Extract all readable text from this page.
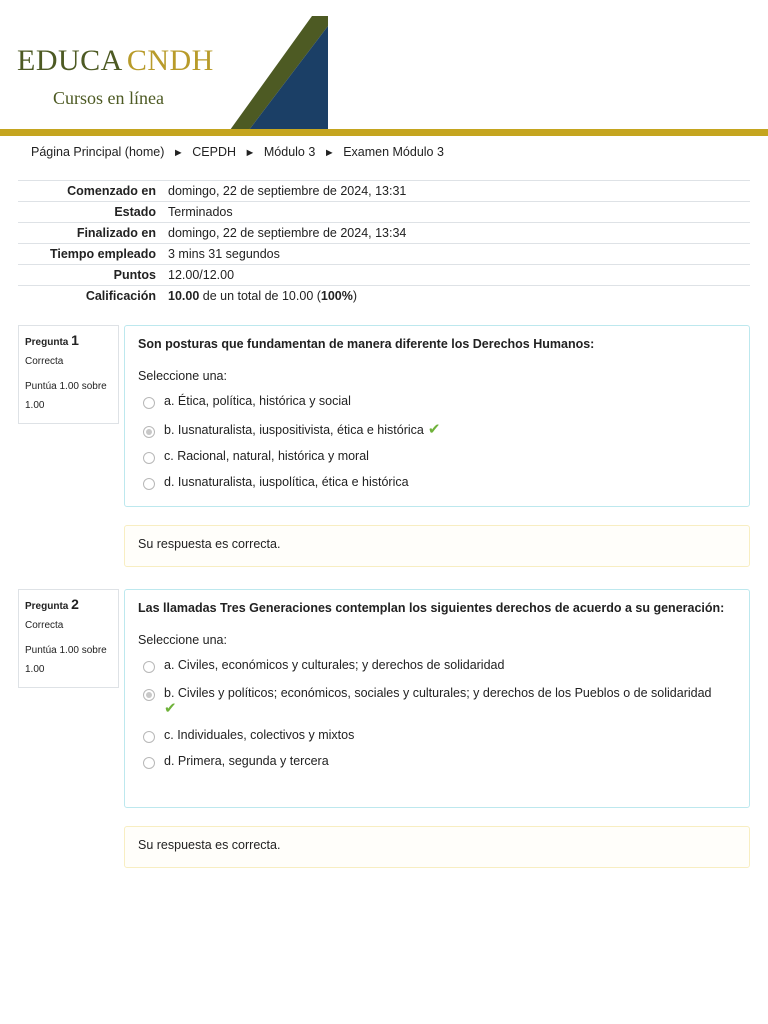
EDUCA CNDH
Cursos en línea
Página Principal (home) ► CEPDH ► Módulo 3 ► Examen Módulo 3
Comenzado en	domingo, 22 de septiembre de 2024, 13:31
Estado	Terminados
Finalizado en	domingo, 22 de septiembre de 2024, 13:34
Tiempo empleado	3 mins 31 segundos
Puntos	12.00/12.00
Calificación	10.00 de un total de 10.00 (100%)
Pregunta 1
Correcta
Puntúa 1.00 sobre 1.00
Son posturas que fundamentan de manera diferente los Derechos Humanos:
Seleccione una:
a. Ética, política, histórica y social
b. Iusnaturalista, iuspositivista, ética e histórica ✔
c. Racional, natural, histórica y moral
d. Iusnaturalista, iuspolítica, ética e histórica
Su respuesta es correcta.
Pregunta 2
Correcta
Puntúa 1.00 sobre 1.00
Las llamadas Tres Generaciones contemplan los siguientes derechos de acuerdo a su generación:
Seleccione una:
a. Civiles, económicos y culturales; y derechos de solidaridad
b. Civiles y políticos; económicos, sociales y culturales; y derechos de los Pueblos o de solidaridad
✔
c. Individuales, colectivos y mixtos
d. Primera, segunda y tercera
Su respuesta es correcta.
